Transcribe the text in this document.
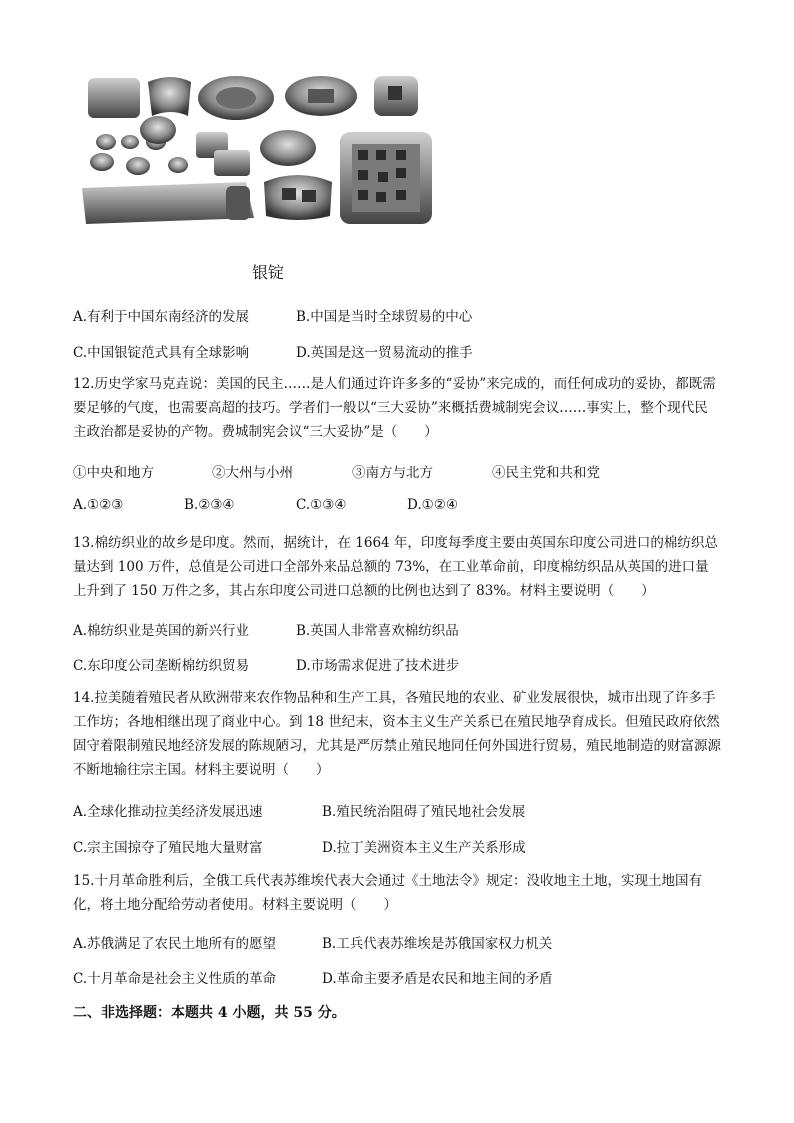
银锭
A.有利于中国东南经济的发展	B.中国是当时全球贸易的中心
C.中国银锭范式具有全球影响	D.英国是这一贸易流动的推手
12.历史学家马克垚说：美国的民主……是人们通过许许多多的“妥协”来完成的，而任何成功的妥协，都既需要足够的气度，也需要高超的技巧。学者们一般以“三大妥协”来概括费城制宪会议……事实上，整个现代民主政治都是妥协的产物。费城制宪会议“三大妥协”是（　　）
①中央和地方	②大州与小州	③南方与北方	④民主党和共和党
A.①②③	B.②③④	C.①③④	D.①②④
13.棉纺织业的故乡是印度。然而，据统计，在 1664 年，印度每季度主要由英国东印度公司进口的棉纺织总量达到 100 万件，总值是公司进口全部外来品总额的 73%，在工业革命前，印度棉纺织品从英国的进口量上升到了 150 万件之多，其占东印度公司进口总额的比例也达到了 83%。材料主要说明（　　）
A.棉纺织业是英国的新兴行业	B.英国人非常喜欢棉纺织品
C.东印度公司垄断棉纺织贸易	D.市场需求促进了技术进步
14.拉美随着殖民者从欧洲带来农作物品种和生产工具，各殖民地的农业、矿业发展很快，城市出现了许多手工作坊；各地相继出现了商业中心。到 18 世纪末，资本主义生产关系已在殖民地孕育成长。但殖民政府依然固守着限制殖民地经济发展的陈规陋习，尤其是严厉禁止殖民地同任何外国进行贸易，殖民地制造的财富源源不断地输往宗主国。材料主要说明（　　）
A.全球化推动拉美经济发展迅速	B.殖民统治阻碍了殖民地社会发展
C.宗主国掠夺了殖民地大量财富	D.拉丁美洲资本主义生产关系形成
15.十月革命胜利后，全俄工兵代表苏维埃代表大会通过《土地法令》规定：没收地主土地，实现土地国有化，将土地分配给劳动者使用。材料主要说明（　　）
A.苏俄满足了农民土地所有的愿望	B.工兵代表苏维埃是苏俄国家权力机关
C.十月革命是社会主义性质的革命	D.革命主要矛盾是农民和地主间的矛盾
二、非选择题：本题共 4 小题，共 55 分。
